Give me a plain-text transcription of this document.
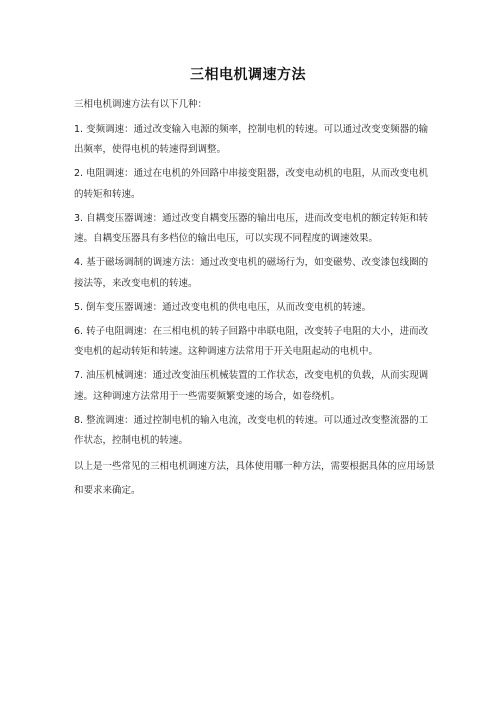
三相电机调速方法

三相电机调速方法有以下几种：

1. 变频调速：通过改变输入电源的频率，控制电机的转速。可以通过改变变频器的输出频率，使得电机的转速得到调整。

2. 电阻调速：通过在电机的外回路中串接变阻器，改变电动机的电阻，从而改变电机的转矩和转速。

3. 自耦变压器调速：通过改变自耦变压器的输出电压，进而改变电机的额定转矩和转速。自耦变压器具有多档位的输出电压，可以实现不同程度的调速效果。

4. 基于磁场调制的调速方法：通过改变电机的磁场行为，如变磁势、改变漆包线圈的接法等，来改变电机的转速。

5. 倒车变压器调速：通过改变电机的供电电压，从而改变电机的转速。

6. 转子电阻调速：在三相电机的转子回路中串联电阻，改变转子电阻的大小，进而改变电机的起动转矩和转速。这种调速方法常用于开关电阻起动的电机中。

7. 油压机械调速：通过改变油压机械装置的工作状态，改变电机的负载，从而实现调速。这种调速方法常用于一些需要频繁变速的场合，如卷绕机。

8. 整流调速：通过控制电机的输入电流，改变电机的转速。可以通过改变整流器的工作状态，控制电机的转速。

以上是一些常见的三相电机调速方法，具体使用哪一种方法，需要根据具体的应用场景和要求来确定。
